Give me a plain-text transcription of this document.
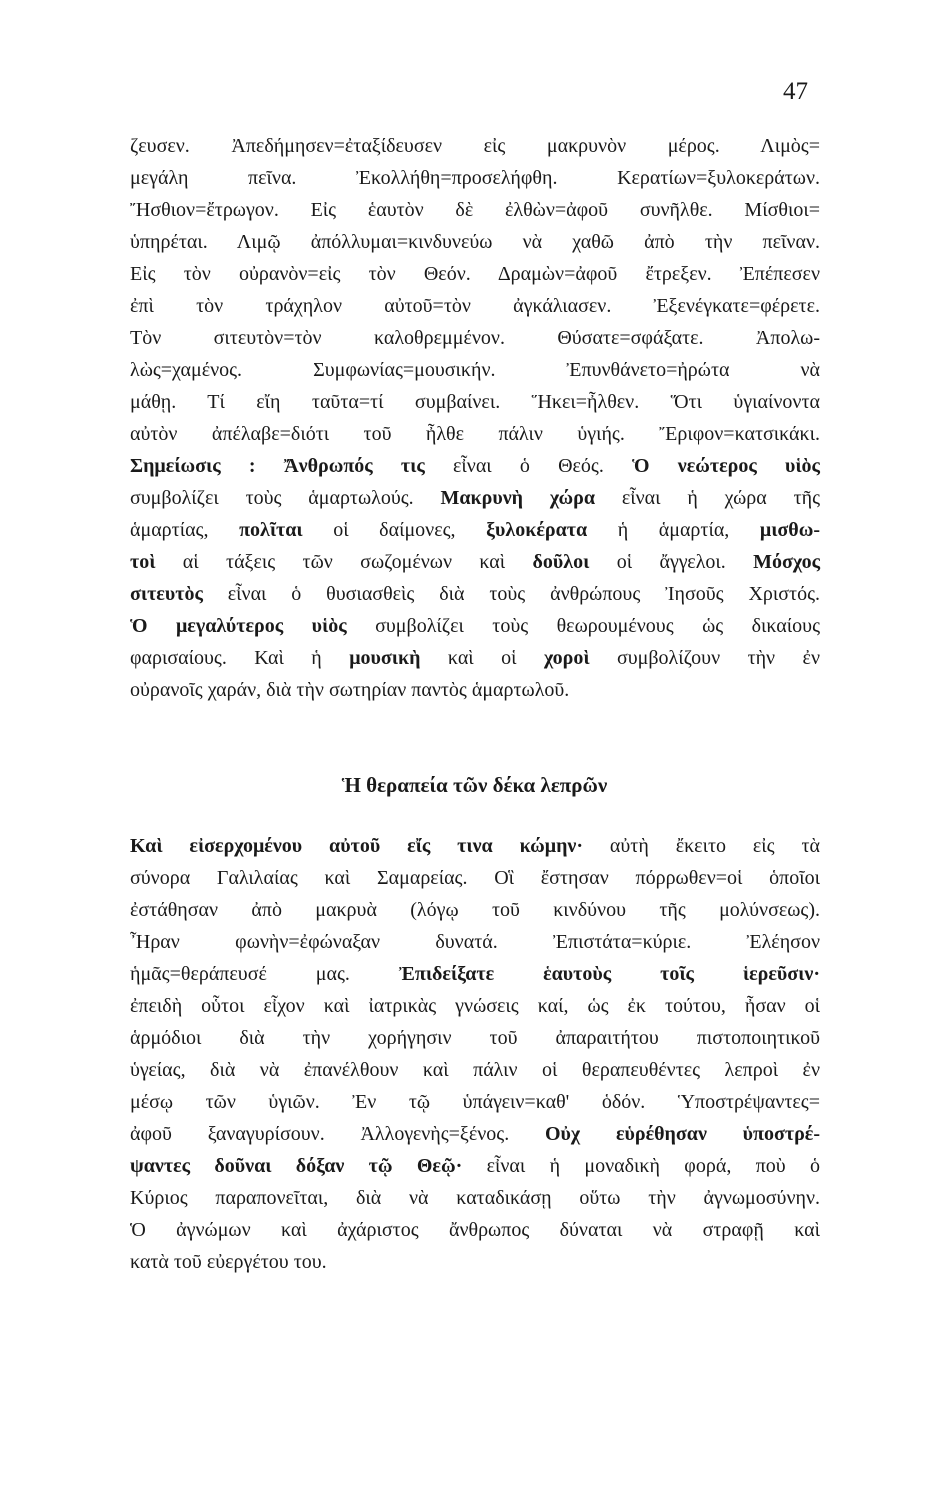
47
ζευσεν. Ἀπεδήμησεν=ἐταξίδευσεν εἰς μακρυνὸν μέρος. Λιμὸς=
μεγάλη πεῖνα. Ἐκολλήθη=προσελήφθη. Κερατίων=ξυλοκεράτων.
Ἤσθιον=ἔτρωγον. Εἰς ἑαυτὸν δὲ ἐλθὼν=ἀφοῦ συνῆλθε. Μίσθιοι=
ὑπηρέται. Λιμῷ ἀπόλλυμαι=κινδυνεύω νὰ χαθῶ ἀπὸ τὴν πεῖναν.
Εἰς τὸν οὐρανὸν=εἰς τὸν Θεόν. Δραμὼν=ἀφοῦ ἔτρεξεν. Ἐπέπεσεν
ἐπὶ τὸν τράχηλον αὐτοῦ=τὸν ἀγκάλιασεν. Ἐξενέγκατε=φέρετε.
Τὸν σιτευτὸν=τὸν καλοθρεμμένον. Θύσατε=σφάξατε. Ἀπολω-
λὼς=χαμένος. Συμφωνίας=μουσικήν. Ἐπυνθάνετο=ἠρώτα νὰ
μάθῃ. Τί εἴη ταῦτα=τί συμβαίνει. Ἥκει=ἦλθεν. Ὅτι ὑγιαίνοντα
αὐτὸν ἀπέλαβε=διότι τοῦ ἦλθε πάλιν ὑγιής. Ἔριφον=κατσικάκι.
Σημείωσις : Ἄνθρωπός τις εἶναι ὁ Θεός. Ὁ νεώτερος υἱὸς
συμβολίζει τοὺς ἁμαρτωλούς. Μακρυνὴ χώρα εἶναι ἡ χώρα τῆς
ἁμαρτίας, πολῖται οἱ δαίμονες, ξυλοκέρατα ἡ ἁμαρτία, μισθω-
τοὶ αἱ τάξεις τῶν σωζομένων καὶ δοῦλοι οἱ ἄγγελοι. Μόσχος
σιτευτὸς εἶναι ὁ θυσιασθεὶς διὰ τοὺς ἀνθρώπους Ἰησοῦς Χριστός.
Ὁ μεγαλύτερος υἱὸς συμβολίζει τοὺς θεωρουμένους ὡς δικαίους
φαρισαίους. Καὶ ἡ μουσικὴ καὶ οἱ χοροὶ συμβολίζουν τὴν ἐν
οὐρανοῖς χαράν, διὰ τὴν σωτηρίαν παντὸς ἁμαρτωλοῦ.
Ἡ θεραπεία τῶν δέκα λεπρῶν
Καὶ εἰσερχομένου αὐτοῦ εἴς τινα κώμην· αὐτὴ ἔκειτο εἰς τὰ
σύνορα Γαλιλαίας καὶ Σαμαρείας. Οἳ ἔστησαν πόρρωθεν=οἱ ὁποῖοι
ἐστάθησαν ἀπὸ μακρυὰ (λόγῳ τοῦ κινδύνου τῆς μολύνσεως).
Ἦραν φωνὴν=ἐφώναξαν δυνατά. Ἐπιστάτα=κύριε. Ἐλέησον
ἡμᾶς=θεράπευσέ μας. Ἐπιδείξατε ἑαυτοὺς τοῖς ἱερεῦσιν·
ἐπειδὴ οὗτοι εἶχον καὶ ἰατρικὰς γνώσεις καί, ὡς ἐκ τούτου, ἦσαν οἱ
ἁρμόδιοι διὰ τὴν χορήγησιν τοῦ ἀπαραιτήτου πιστοποιητικοῦ
ὑγείας, διὰ νὰ ἐπανέλθουν καὶ πάλιν οἱ θεραπευθέντες λεπροὶ ἐν
μέσῳ τῶν ὑγιῶν. Ἐν τῷ ὑπάγειν=καθ' ὁδόν. Ὑποστρέψαντες=
ἀφοῦ ξαναγυρίσουν. Ἀλλογενὴς=ξένος. Οὐχ εὑρέθησαν ὑποστρέ-
ψαντες δοῦναι δόξαν τῷ Θεῷ· εἶναι ἡ μοναδικὴ φορά, ποὺ ὁ
Κύριος παραπονεῖται, διὰ νὰ καταδικάσῃ οὕτω τὴν ἀγνωμοσύνην.
Ὁ ἀγνώμων καὶ ἀχάριστος ἄνθρωπος δύναται νὰ στραφῇ καὶ
κατὰ τοῦ εὐεργέτου του.
